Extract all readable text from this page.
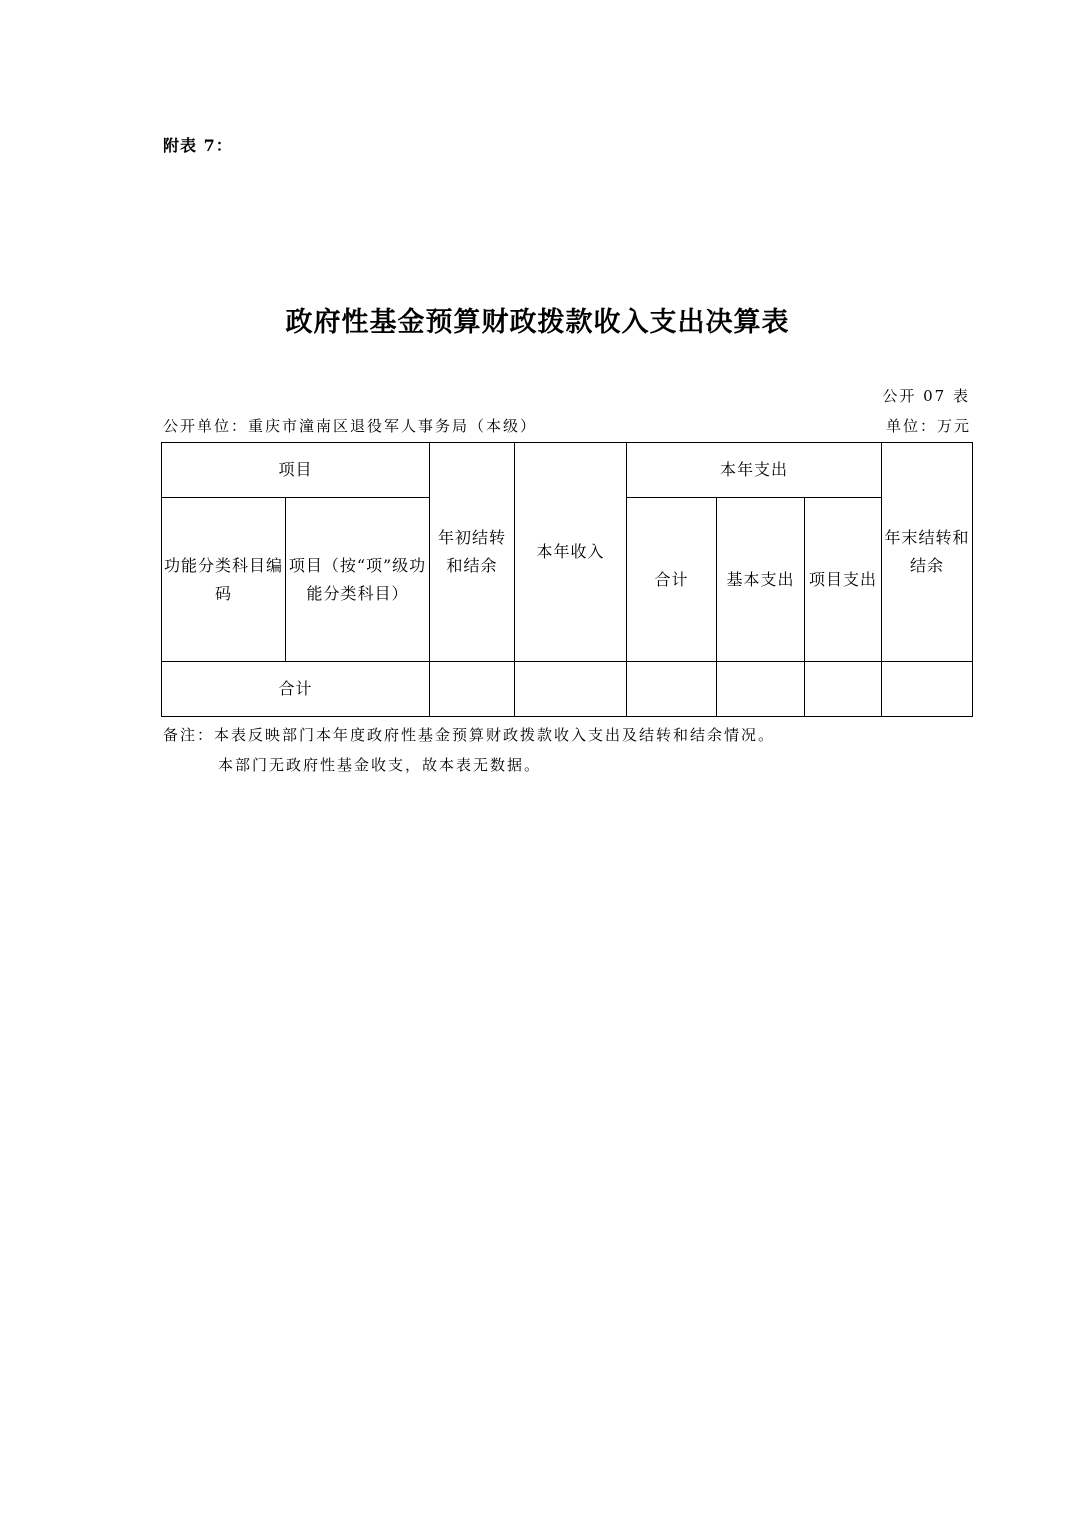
附表 7：
政府性基金预算财政拨款收入支出决算表
公开 07 表
公开单位：重庆市潼南区退役军人事务局（本级）	单位：万元
项目		年初结转和结余	本年收入	本年支出			年末结转和结余
功能分类科目编码	项目（按“项”级功能分类科目）			合计	基本支出	项目支出	
合计							
备注：本表反映部门本年度政府性基金预算财政拨款收入支出及结转和结余情况。
本部门无政府性基金收支，故本表无数据。
